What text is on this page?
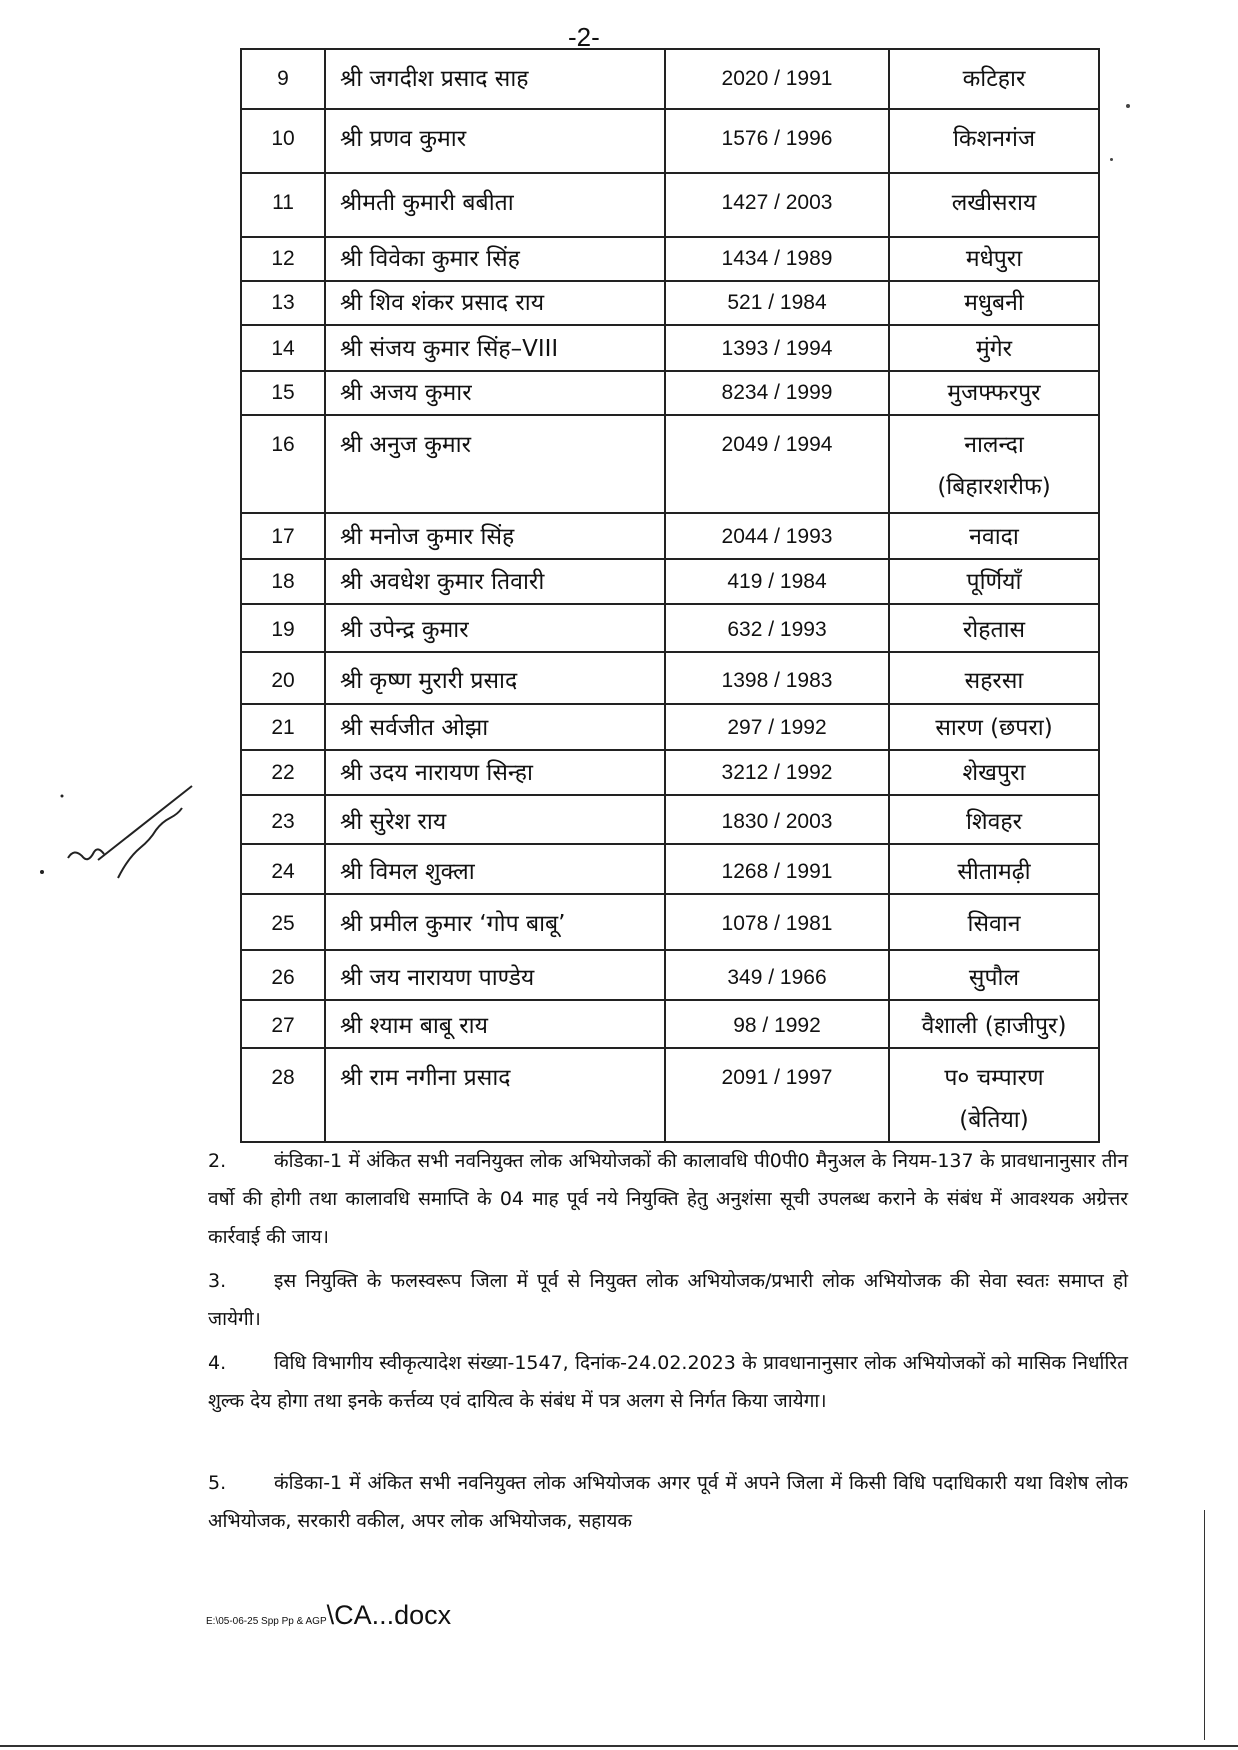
-2-
9	श्री जगदीश प्रसाद साह	2020 / 1991	कटिहार

10	श्री प्रणव कुमार	1576 / 1996	किशनगंज

11	श्रीमती कुमारी बबीता	1427 / 2003	लखीसराय

12	श्री विवेका कुमार सिंह	1434 / 1989	मधेपुरा

13	श्री शिव शंकर प्रसाद राय	521 / 1984	मधुबनी

14	श्री संजय कुमार सिंह–VIII	1393 / 1994	मुंगेर

15	श्री अजय कुमार	8234 / 1999	मुजफ्फरपुर

16	श्री अनुज कुमार	2049 / 1994	नालन्दा
(बिहारशरीफ)

17	श्री मनोज कुमार सिंह	2044 / 1993	नवादा

18	श्री अवधेश कुमार तिवारी	419 / 1984	पूर्णियाँ

19	श्री उपेन्द्र कुमार	632 / 1993	रोहतास

20	श्री कृष्ण मुरारी प्रसाद	1398 / 1983	सहरसा

21	श्री सर्वजीत ओझा	297 / 1992	सारण (छपरा)

22	श्री उदय नारायण सिन्हा	3212 / 1992	शेखपुरा

23	श्री सुरेश राय	1830 / 2003	शिवहर

24	श्री विमल शुक्ला	1268 / 1991	सीतामढ़ी

25	श्री प्रमील कुमार ‘गोप बाबू’	1078 / 1981	सिवान

26	श्री जय नारायण पाण्डेय	349 / 1966	सुपौल

27	श्री श्याम बाबू राय	98 / 1992	वैशाली (हाजीपुर)

28	श्री राम नगीना प्रसाद	2091 / 1997	प० चम्पारण
(बेतिया)
2.	कंडिका-1 में अंकित सभी नवनियुक्त लोक अभियोजकों की कालावधि पी0पी0 मैनुअल के नियम-137 के प्रावधानानुसार तीन वर्षो की होगी तथा कालावधि समाप्ति के 04 माह पूर्व नये नियुक्ति हेतु अनुशंसा सूची उपलब्ध कराने के संबंध में आवश्यक अग्रेत्तर कार्रवाई की जाय।
3.	इस नियुक्ति के फलस्वरूप जिला में पूर्व से नियुक्त लोक अभियोजक/प्रभारी लोक अभियोजक की सेवा स्वतः समाप्त हो जायेगी।
4.	विधि विभागीय स्वीकृत्यादेश संख्या-1547, दिनांक-24.02.2023 के प्रावधानानुसार लोक अभियोजकों को मासिक निर्धारित शुल्क देय होगा तथा इनके कर्त्तव्य एवं दायित्व के संबंध में पत्र अलग से निर्गत किया जायेगा।
5.	कंडिका-1 में अंकित सभी नवनियुक्त लोक अभियोजक अगर पूर्व में अपने जिला में किसी विधि पदाधिकारी यथा विशेष लोक अभियोजक, सरकारी वकील, अपर लोक अभियोजक, सहायक
E:\05-06-25 Spp Pp & AGP\CA...docx
